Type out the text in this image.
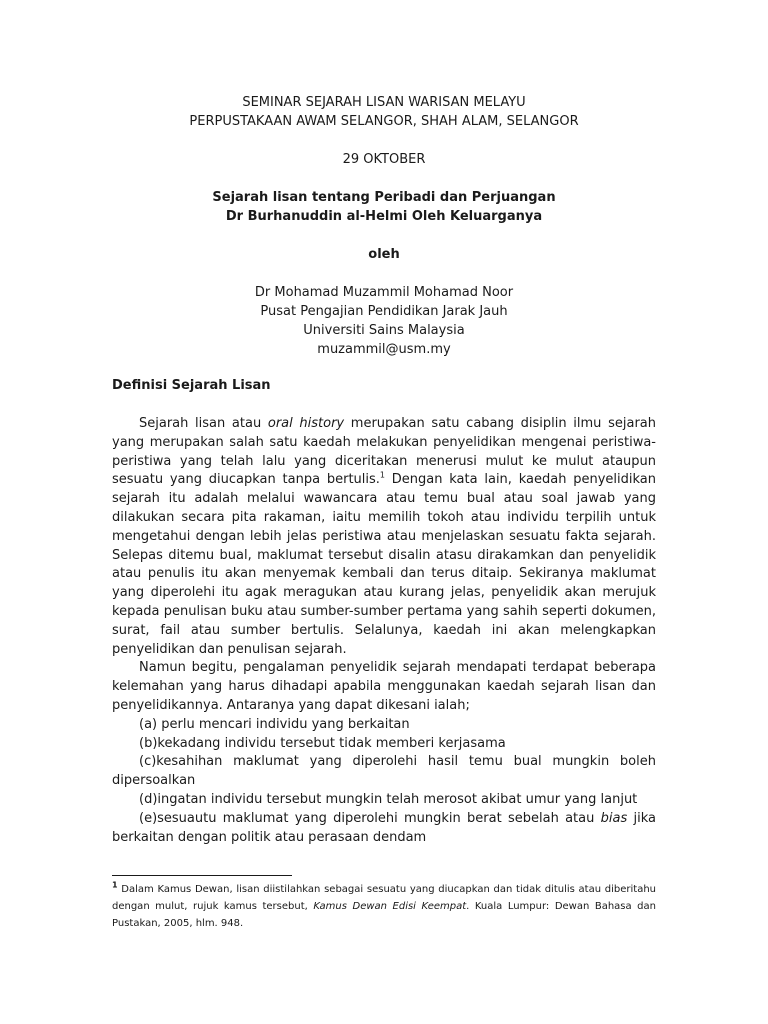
SEMINAR SEJARAH LISAN WARISAN MELAYU
PERPUSTAKAAN AWAM SELANGOR, SHAH ALAM, SELANGOR
29 OKTOBER
Sejarah lisan tentang Peribadi dan Perjuangan
Dr Burhanuddin al-Helmi Oleh Keluarganya
oleh
Dr Mohamad Muzammil Mohamad Noor
Pusat Pengajian Pendidikan Jarak Jauh
Universiti Sains Malaysia
muzammil@usm.my
Definisi Sejarah Lisan

Sejarah lisan atau oral history merupakan satu cabang disiplin ilmu sejarah yang merupakan salah satu kaedah melakukan penyelidikan mengenai peristiwa-peristiwa yang telah lalu yang diceritakan menerusi mulut ke mulut ataupun sesuatu yang diucapkan tanpa bertulis.$^1$ Dengan kata lain, kaedah penyelidikan sejarah itu adalah melalui wawancara atau temu bual atau soal jawab yang dilakukan secara pita rakaman, iaitu memilih tokoh atau individu terpilih untuk mengetahui dengan lebih jelas peristiwa atau menjelaskan sesuatu fakta sejarah. Selepas ditemu bual, maklumat tersebut disalin atasu dirakamkan dan penyelidik atau penulis itu akan menyemak kembali dan terus ditaip. Sekiranya maklumat yang diperolehi itu agak meragukan atau kurang jelas, penyelidik akan merujuk kepada penulisan buku atau sumber-sumber pertama yang sahih seperti dokumen, surat, fail atau sumber bertulis. Selalunya, kaedah ini akan melengkapkan penyelidikan dan penulisan sejarah.

Namun begitu, pengalaman penyelidik sejarah mendapati terdapat beberapa kelemahan yang harus dihadapi apabila menggunakan kaedah sejarah lisan dan penyelidikannya. Antaranya yang dapat dikesani ialah;

(a) perlu mencari individu yang berkaitan

(b)kekadang individu tersebut tidak memberi kerjasama

(c)kesahihan maklumat yang diperolehi hasil temu bual mungkin boleh dipersoalkan

(d)ingatan individu tersebut mungkin telah merosot akibat umur yang lanjut

(e)sesuautu maklumat yang diperolehi mungkin berat sebelah atau bias jika berkaitan dengan politik atau perasaan dendam

$^1$ Dalam Kamus Dewan, lisan diistilahkan sebagai sesuatu yang diucapkan dan tidak ditulis atau diberitahu dengan mulut, rujuk kamus tersebut, Kamus Dewan Edisi Keempat. Kuala Lumpur: Dewan Bahasa dan Pustakan, 2005, hlm. 948.
